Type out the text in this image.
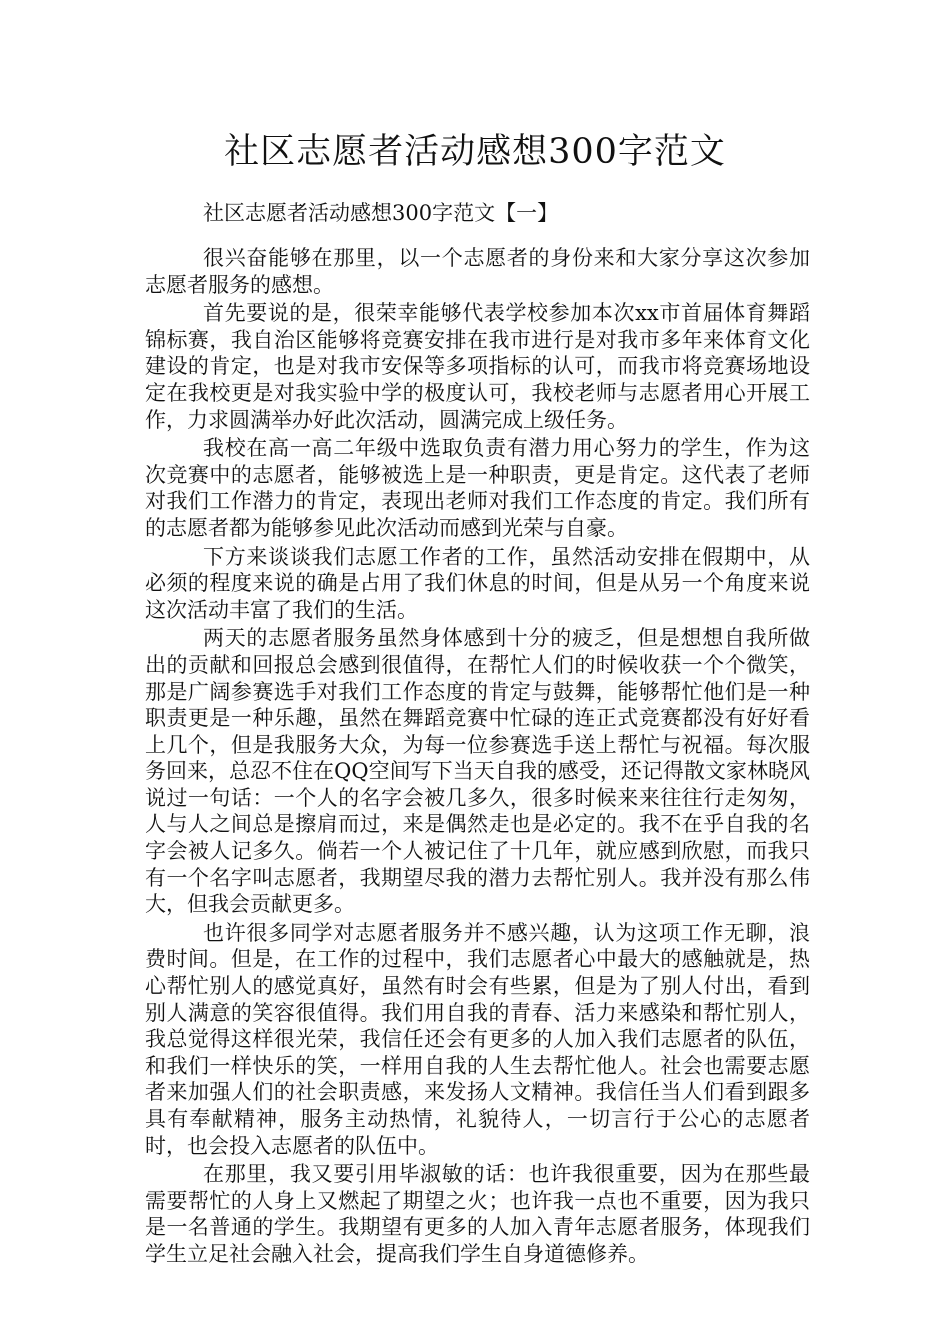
社区志愿者活动感想300字范文

社区志愿者活动感想300字范文【一】

很兴奋能够在那里，以一个志愿者的身份来和大家分享这次参加志愿者服务的感想。

首先要说的是，很荣幸能够代表学校参加本次xx市首届体育舞蹈锦标赛，我自治区能够将竞赛安排在我市进行是对我市多年来体育文化建设的肯定，也是对我市安保等多项指标的认可，而我市将竞赛场地设定在我校更是对我实验中学的极度认可，我校老师与志愿者用心开展工作，力求圆满举办好此次活动，圆满完成上级任务。

我校在高一高二年级中选取负责有潜力用心努力的学生，作为这次竞赛中的志愿者，能够被选上是一种职责，更是肯定。这代表了老师对我们工作潜力的肯定，表现出老师对我们工作态度的肯定。我们所有的志愿者都为能够参见此次活动而感到光荣与自豪。

下方来谈谈我们志愿工作者的工作，虽然活动安排在假期中，从必须的程度来说的确是占用了我们休息的时间，但是从另一个角度来说这次活动丰富了我们的生活。

两天的志愿者服务虽然身体感到十分的疲乏，但是想想自我所做出的贡献和回报总会感到很值得，在帮忙人们的时候收获一个个微笑，那是广阔参赛选手对我们工作态度的肯定与鼓舞，能够帮忙他们是一种职责更是一种乐趣，虽然在舞蹈竞赛中忙碌的连正式竞赛都没有好好看上几个，但是我服务大众，为每一位参赛选手送上帮忙与祝福。每次服务回来，总忍不住在QQ空间写下当天自我的感受，还记得散文家林晓风说过一句话：一个人的名字会被几多久，很多时候来来往往行走匆匆，人与人之间总是擦肩而过，来是偶然走也是必定的。我不在乎自我的名字会被人记多久。倘若一个人被记住了十几年，就应感到欣慰，而我只有一个名字叫志愿者，我期望尽我的潜力去帮忙别人。我并没有那么伟大，但我会贡献更多。

也许很多同学对志愿者服务并不感兴趣，认为这项工作无聊，浪费时间。但是，在工作的过程中，我们志愿者心中最大的感触就是，热心帮忙别人的感觉真好，虽然有时会有些累，但是为了别人付出，看到别人满意的笑容很值得。我们用自我的青春、活力来感染和帮忙别人，我总觉得这样很光荣，我信任还会有更多的人加入我们志愿者的队伍，和我们一样快乐的笑，一样用自我的人生去帮忙他人。社会也需要志愿者来加强人们的社会职责感，来发扬人文精神。我信任当人们看到跟多具有奉献精神，服务主动热情，礼貌待人，一切言行于公心的志愿者时，也会投入志愿者的队伍中。

在那里，我又要引用毕淑敏的话：也许我很重要，因为在那些最需要帮忙的人身上又燃起了期望之火；也许我一点也不重要，因为我只是一名普通的学生。我期望有更多的人加入青年志愿者服务，体现我们学生立足社会融入社会，提高我们学生自身道德修养。
